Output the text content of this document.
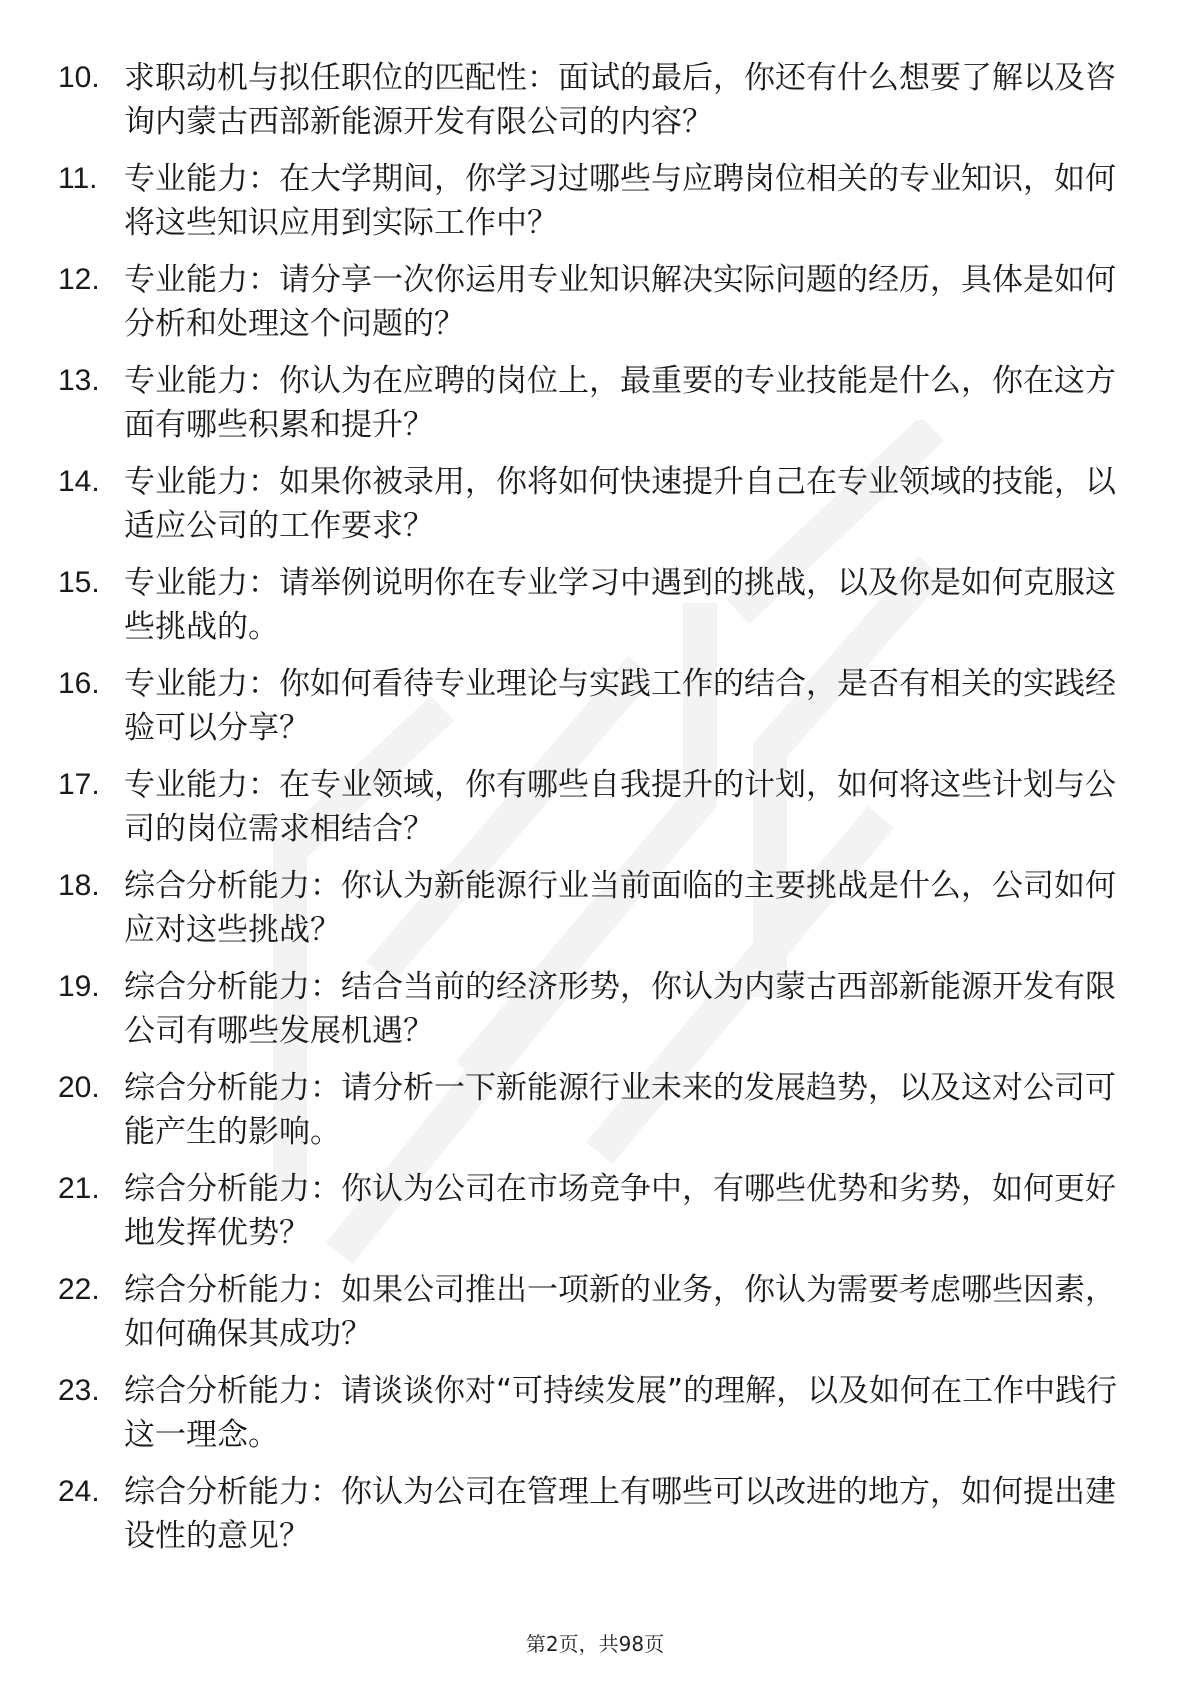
10. 求职动机与拟任职位的匹配性：面试的最后，你还有什么想要了解以及咨询内蒙古西部新能源开发有限公司的内容？
11. 专业能力：在大学期间，你学习过哪些与应聘岗位相关的专业知识，如何将这些知识应用到实际工作中？
12. 专业能力：请分享一次你运用专业知识解决实际问题的经历，具体是如何分析和处理这个问题的？
13. 专业能力：你认为在应聘的岗位上，最重要的专业技能是什么，你在这方面有哪些积累和提升？
14. 专业能力：如果你被录用，你将如何快速提升自己在专业领域的技能，以适应公司的工作要求？
15. 专业能力：请举例说明你在专业学习中遇到的挑战，以及你是如何克服这些挑战的。
16. 专业能力：你如何看待专业理论与实践工作的结合，是否有相关的实践经验可以分享？
17. 专业能力：在专业领域，你有哪些自我提升的计划，如何将这些计划与公司的岗位需求相结合？
18. 综合分析能力：你认为新能源行业当前面临的主要挑战是什么，公司如何应对这些挑战？
19. 综合分析能力：结合当前的经济形势，你认为内蒙古西部新能源开发有限公司有哪些发展机遇？
20. 综合分析能力：请分析一下新能源行业未来的发展趋势，以及这对公司可能产生的影响。
21. 综合分析能力：你认为公司在市场竞争中，有哪些优势和劣势，如何更好地发挥优势？
22. 综合分析能力：如果公司推出一项新的业务，你认为需要考虑哪些因素，如何确保其成功？
23. 综合分析能力：请谈谈你对“可持续发展”的理解，以及如何在工作中践行这一理念。
24. 综合分析能力：你认为公司在管理上有哪些可以改进的地方，如何提出建设性的意见？
第2页，共98页
